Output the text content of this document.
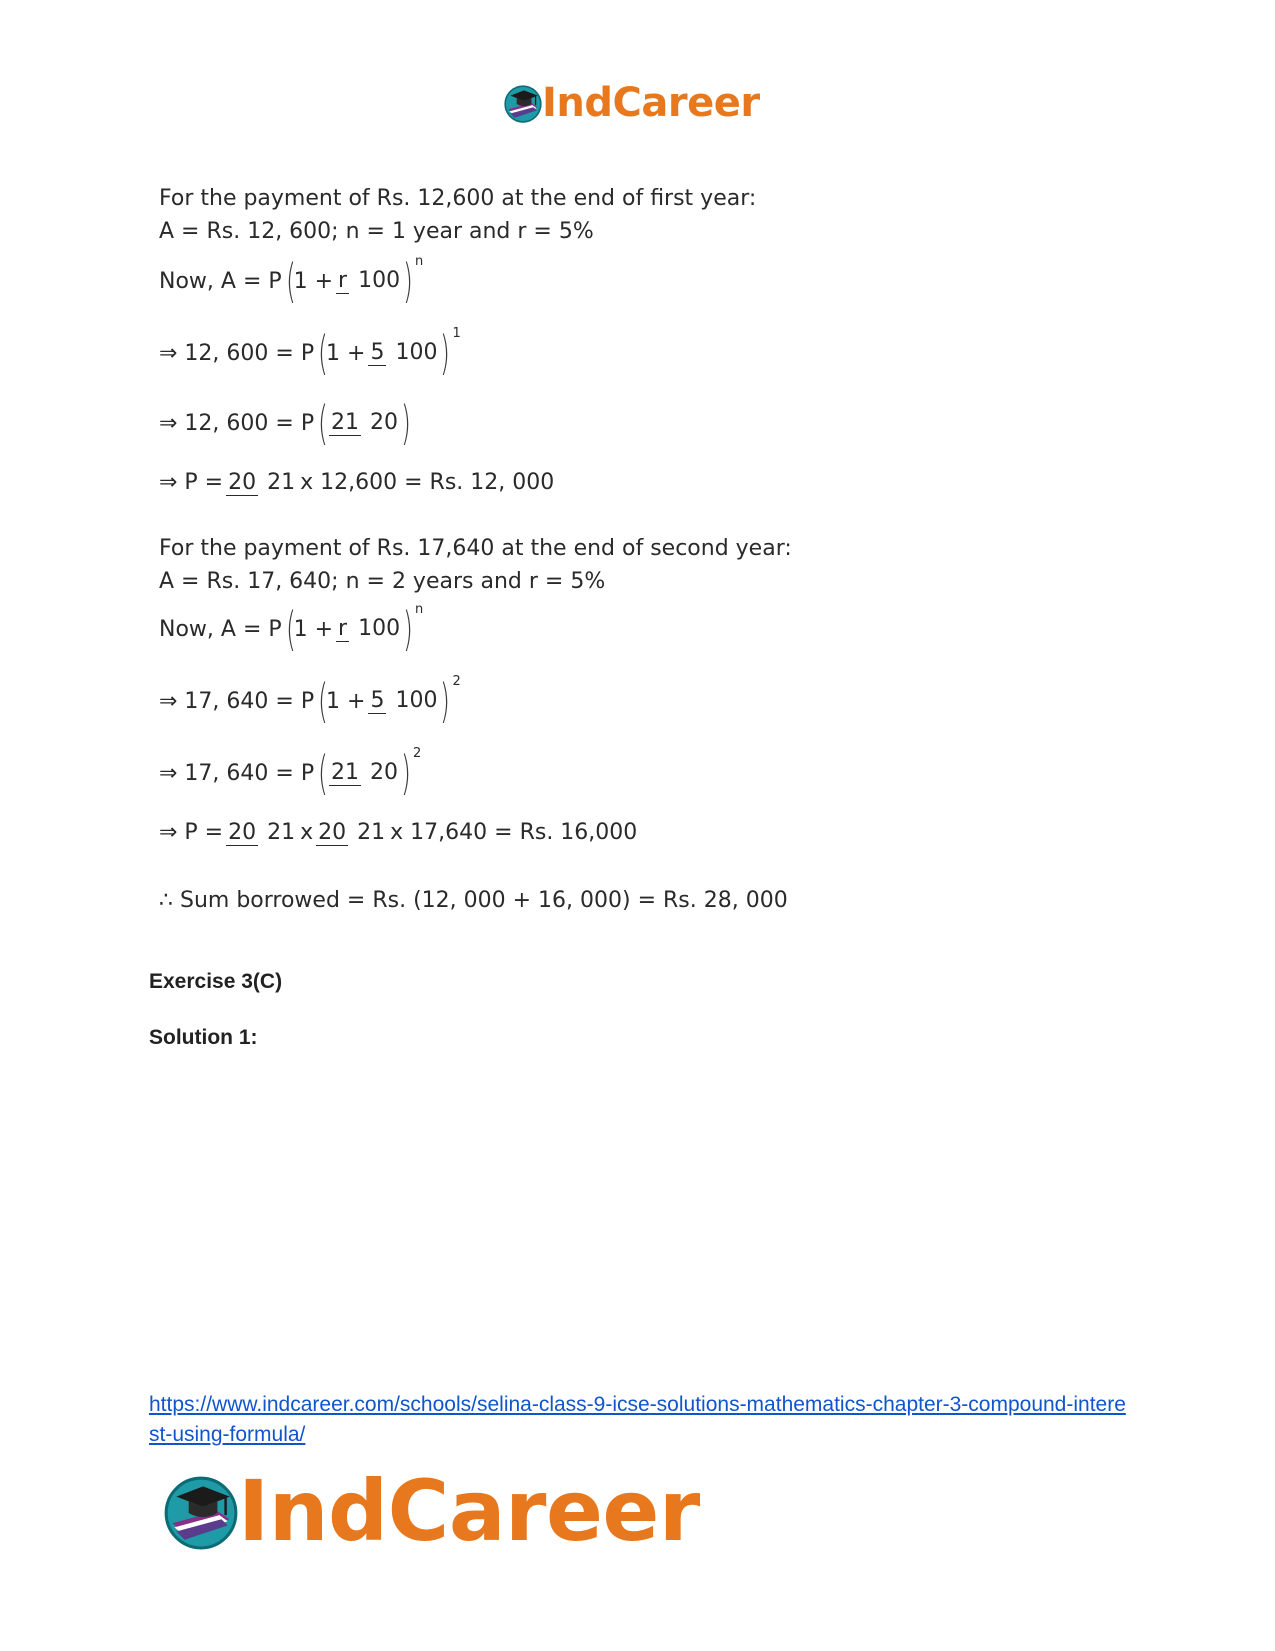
IndCareer
For the payment of Rs. 12,600 at the end of first year:
A = Rs. 12, 600; n = 1 year and r = 5%
Now, A = P (
1 + r 100 ) n
⇒ 12, 600 = P (
1 + 5 100 ) 1
⇒ 12, 600 = P ( 21 20 )
⇒ P = 20 21 x 12,600 = Rs. 12, 000
For the payment of Rs. 17,640 at the end of second year:
A = Rs. 17, 640; n = 2 years and r = 5%
Now, A = P (
1 + r 100 ) n
⇒ 17, 640 = P (
1 + 5 100 ) 2
⇒ 17, 640 = P ( 21 20 ) 2
⇒ P = 20 21 x 20 21 x 17,640 = Rs. 16,000
∴ Sum borrowed = Rs. (12, 000 + 16, 000) = Rs. 28, 000
Exercise 3(C)
Solution 1:
https://www.indcareer.com/schools/selina-class-9-icse-solutions-mathematics-chapter-3-compound-interest-using-formula/
IndCareer
